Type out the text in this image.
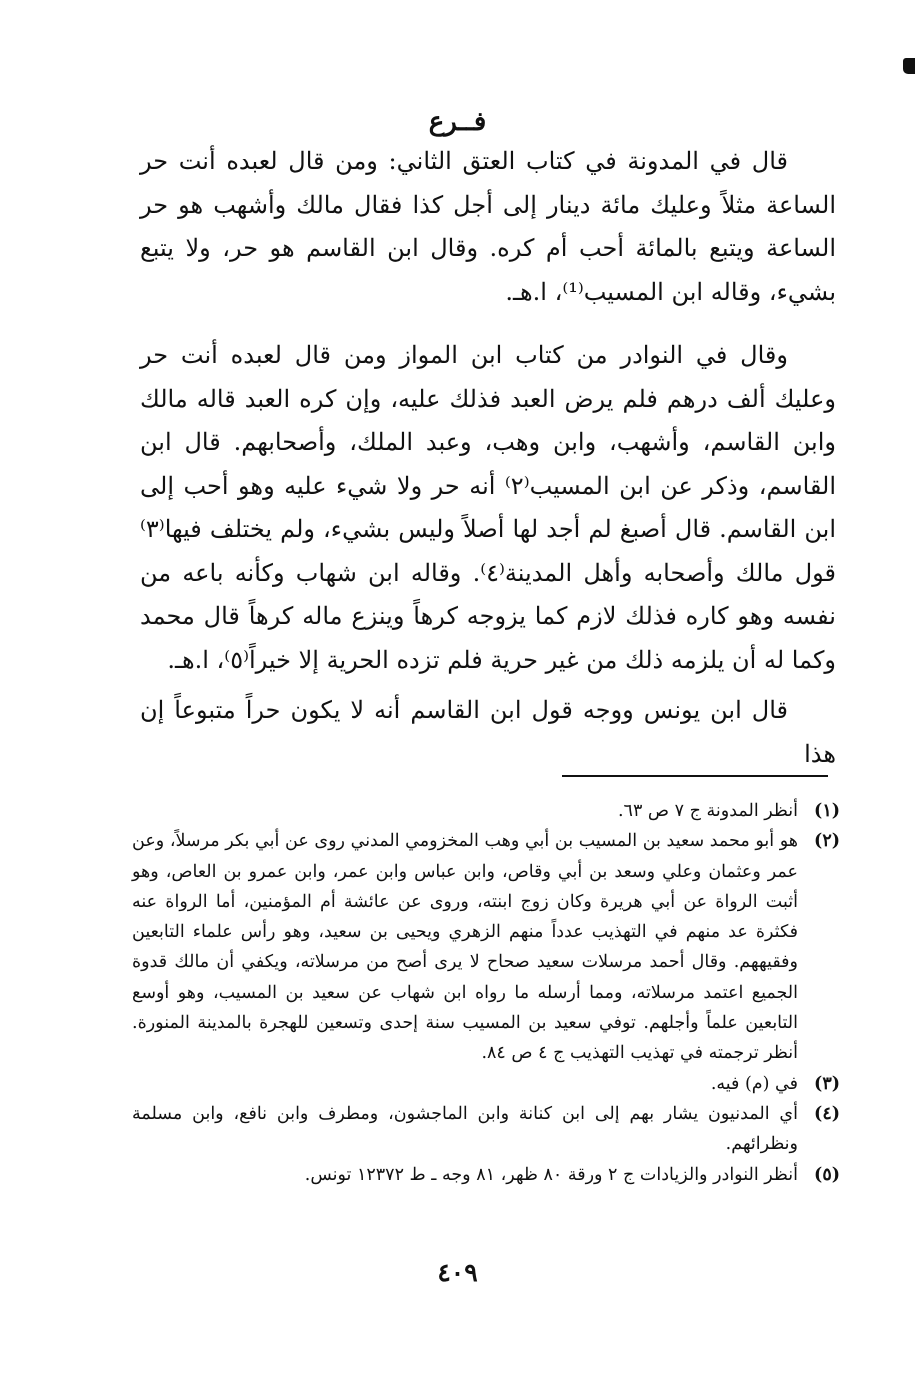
فــرع

قال في المدونة في كتاب العتق الثاني: ومن قال لعبده أنت حر الساعة مثلاً وعليك مائة دينار إلى أجل كذا فقال مالك وأشهب هو حر الساعة ويتبع بالمائة أحب أم كره. وقال ابن القاسم هو حر، ولا يتبع بشيء، وقاله ابن المسيب⁽¹⁾، ا.هـ.

وقال في النوادر من كتاب ابن المواز ومن قال لعبده أنت حر وعليك ألف درهم فلم يرض العبد فذلك عليه، وإن كره العبد قاله مالك وابن القاسم، وأشهب، وابن وهب، وعبد الملك، وأصحابهم. قال ابن القاسم، وذكر عن ابن المسيب⁽٢⁾ أنه حر ولا شيء عليه وهو أحب إلى ابن القاسم. قال أصبغ لم أجد لها أصلاً وليس بشيء، ولم يختلف فيها⁽٣⁾ قول مالك وأصحابه وأهل المدينة⁽٤⁾. وقاله ابن شهاب وكأنه باعه من نفسه وهو كاره فذلك لازم كما يزوجه كرهاً وينزع ماله كرهاً قال محمد وكما له أن يلزمه ذلك من غير حرية فلم تزده الحرية إلا خيراً⁽٥⁾، ا.هـ.

قال ابن يونس ووجه قول ابن القاسم أنه لا يكون حراً متبوعاً إن هذا

(١)
أنظر المدونة ج ٧ ص ٦٣.
(٢)
هو أبو محمد سعيد بن المسيب بن أبي وهب المخزومي المدني روى عن أبي بكر مرسلاً، وعن عمر وعثمان وعلي وسعد بن أبي وقاص، وابن عباس وابن عمر، وابن عمرو بن العاص، وهو أثبت الرواة عن أبي هريرة وكان زوج ابنته، وروى عن عائشة أم المؤمنين، أما الرواة عنه فكثرة عد منهم في التهذيب عدداً منهم الزهري ويحيى بن سعيد، وهو رأس علماء التابعين وفقيههم. وقال أحمد مرسلات سعيد صحاح لا يرى أصح من مرسلاته، ويكفي أن مالك قدوة الجميع اعتمد مرسلاته، ومما أرسله ما رواه ابن شهاب عن سعيد بن المسيب، وهو أوسع التابعين علماً وأجلهم. توفي سعيد بن المسيب سنة إحدى وتسعين للهجرة بالمدينة المنورة. أنظر ترجمته في تهذيب التهذيب ج ٤ ص ٨٤.
(٣)
في (م) فيه.
(٤)
أي المدنيون يشار بهم إلى ابن كنانة وابن الماجشون، ومطرف وابن نافع، وابن مسلمة ونظرائهم.
(٥)
أنظر النوادر والزيادات ج ٢ ورقة ٨٠ ظهر، ٨١ وجه ـ ط ١٢٣٧٢ تونس.
٤٠٩
